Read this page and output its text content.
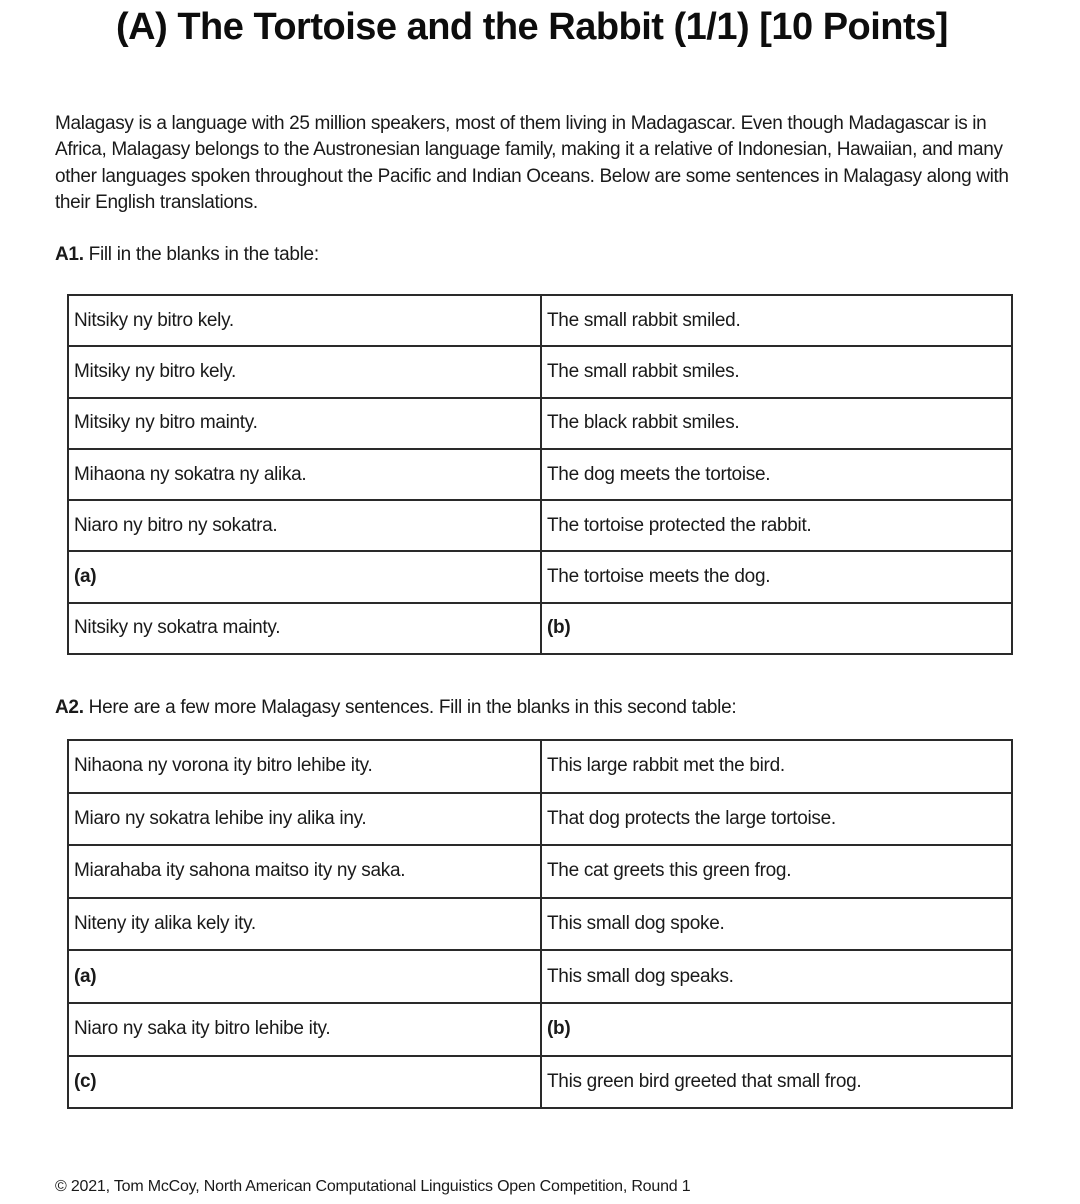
(A) The Tortoise and the Rabbit (1/1) [10 Points]

Malagasy is a language with 25 million speakers, most of them living in Madagascar. Even though Madagascar is in Africa, Malagasy belongs to the Austronesian language family, making it a relative of Indonesian, Hawaiian, and many other languages spoken throughout the Pacific and Indian Oceans. Below are some sentences in Malagasy along with their English translations.

A1. Fill in the blanks in the table:
Nitsiky ny bitro kely.	The small rabbit smiled.
Mitsiky ny bitro kely.	The small rabbit smiles.
Mitsiky ny bitro mainty.	The black rabbit smiles.
Mihaona ny sokatra ny alika.	The dog meets the tortoise.
Niaro ny bitro ny sokatra.	The tortoise protected the rabbit.
(a)	The tortoise meets the dog.
Nitsiky ny sokatra mainty.	(b)
A2. Here are a few more Malagasy sentences. Fill in the blanks in this second table:
Nihaona ny vorona ity bitro lehibe ity.	This large rabbit met the bird.
Miaro ny sokatra lehibe iny alika iny.	That dog protects the large tortoise.
Miarahaba ity sahona maitso ity ny saka.	The cat greets this green frog.
Niteny ity alika kely ity.	This small dog spoke.
(a)	This small dog speaks.
Niaro ny saka ity bitro lehibe ity.	(b)
(c)	This green bird greeted that small frog.
© 2021, Tom McCoy, North American Computational Linguistics Open Competition, Round 1
